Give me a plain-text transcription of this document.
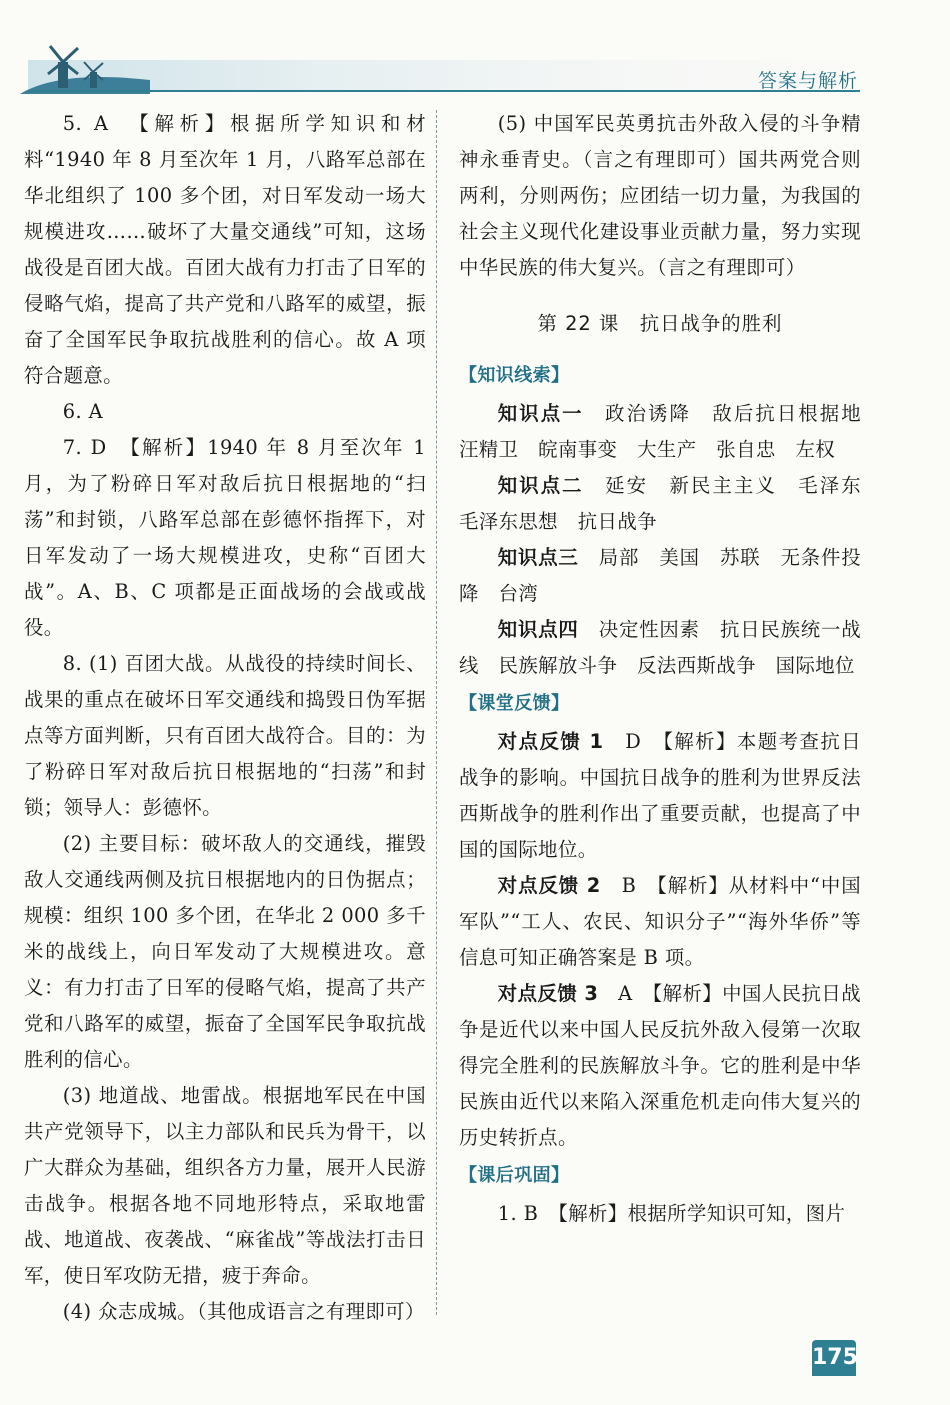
答案与解析

5. A　【解析】根据所学知识和材料“1940 年 8 月至次年 1 月，八路军总部在华北组织了 100 多个团，对日军发动一场大规模进攻……破坏了大量交通线”可知，这场战役是百团大战。百团大战有力打击了日军的侵略气焰，提高了共产党和八路军的威望，振奋了全国军民争取抗战胜利的信心。故 A 项符合题意。

6. A

7. D　【解析】1940 年 8 月至次年 1 月，为了粉碎日军对敌后抗日根据地的“扫荡”和封锁，八路军总部在彭德怀指挥下，对日军发动了一场大规模进攻，史称“百团大战”。A、B、C 项都是正面战场的会战或战役。

8. (1) 百团大战。从战役的持续时间长、战果的重点在破坏日军交通线和捣毁日伪军据点等方面判断，只有百团大战符合。目的：为了粉碎日军对敌后抗日根据地的“扫荡”和封锁；领导人：彭德怀。

(2) 主要目标：破坏敌人的交通线，摧毁敌人交通线两侧及抗日根据地内的日伪据点；规模：组织 100 多个团，在华北 2 000 多千米的战线上，向日军发动了大规模进攻。意义：有力打击了日军的侵略气焰，提高了共产党和八路军的威望，振奋了全国军民争取抗战胜利的信心。

(3) 地道战、地雷战。根据地军民在中国共产党领导下，以主力部队和民兵为骨干，以广大群众为基础，组织各方力量，展开人民游击战争。根据各地不同地形特点，采取地雷战、地道战、夜袭战、“麻雀战”等战法打击日军，使日军攻防无措，疲于奔命。

(4) 众志成城。（其他成语言之有理即可）

(5) 中国军民英勇抗击外敌入侵的斗争精神永垂青史。（言之有理即可）国共两党合则两利，分则两伤；应团结一切力量，为我国的社会主义现代化建设事业贡献力量，努力实现中华民族的伟大复兴。（言之有理即可）

第 22 课　抗日战争的胜利
【知识线索】

知识点一　政治诱降　敌后抗日根据地　汪精卫　皖南事变　大生产　张自忠　左权

知识点二　延安　新民主主义　毛泽东　毛泽东思想　抗日战争

知识点三　局部　美国　苏联　无条件投降　台湾

知识点四　决定性因素　抗日民族统一战线　民族解放斗争　反法西斯战争　国际地位

【课堂反馈】

对点反馈 1　D　【解析】本题考查抗日战争的影响。中国抗日战争的胜利为世界反法西斯战争的胜利作出了重要贡献，也提高了中国的国际地位。

对点反馈 2　B　【解析】从材料中“中国军队”“工人、农民、知识分子”“海外华侨”等信息可知正确答案是 B 项。

对点反馈 3　A　【解析】中国人民抗日战争是近代以来中国人民反抗外敌入侵第一次取得完全胜利的民族解放斗争。它的胜利是中华民族由近代以来陷入深重危机走向伟大复兴的历史转折点。

【课后巩固】

1. B　【解析】根据所学知识可知，图片

175
